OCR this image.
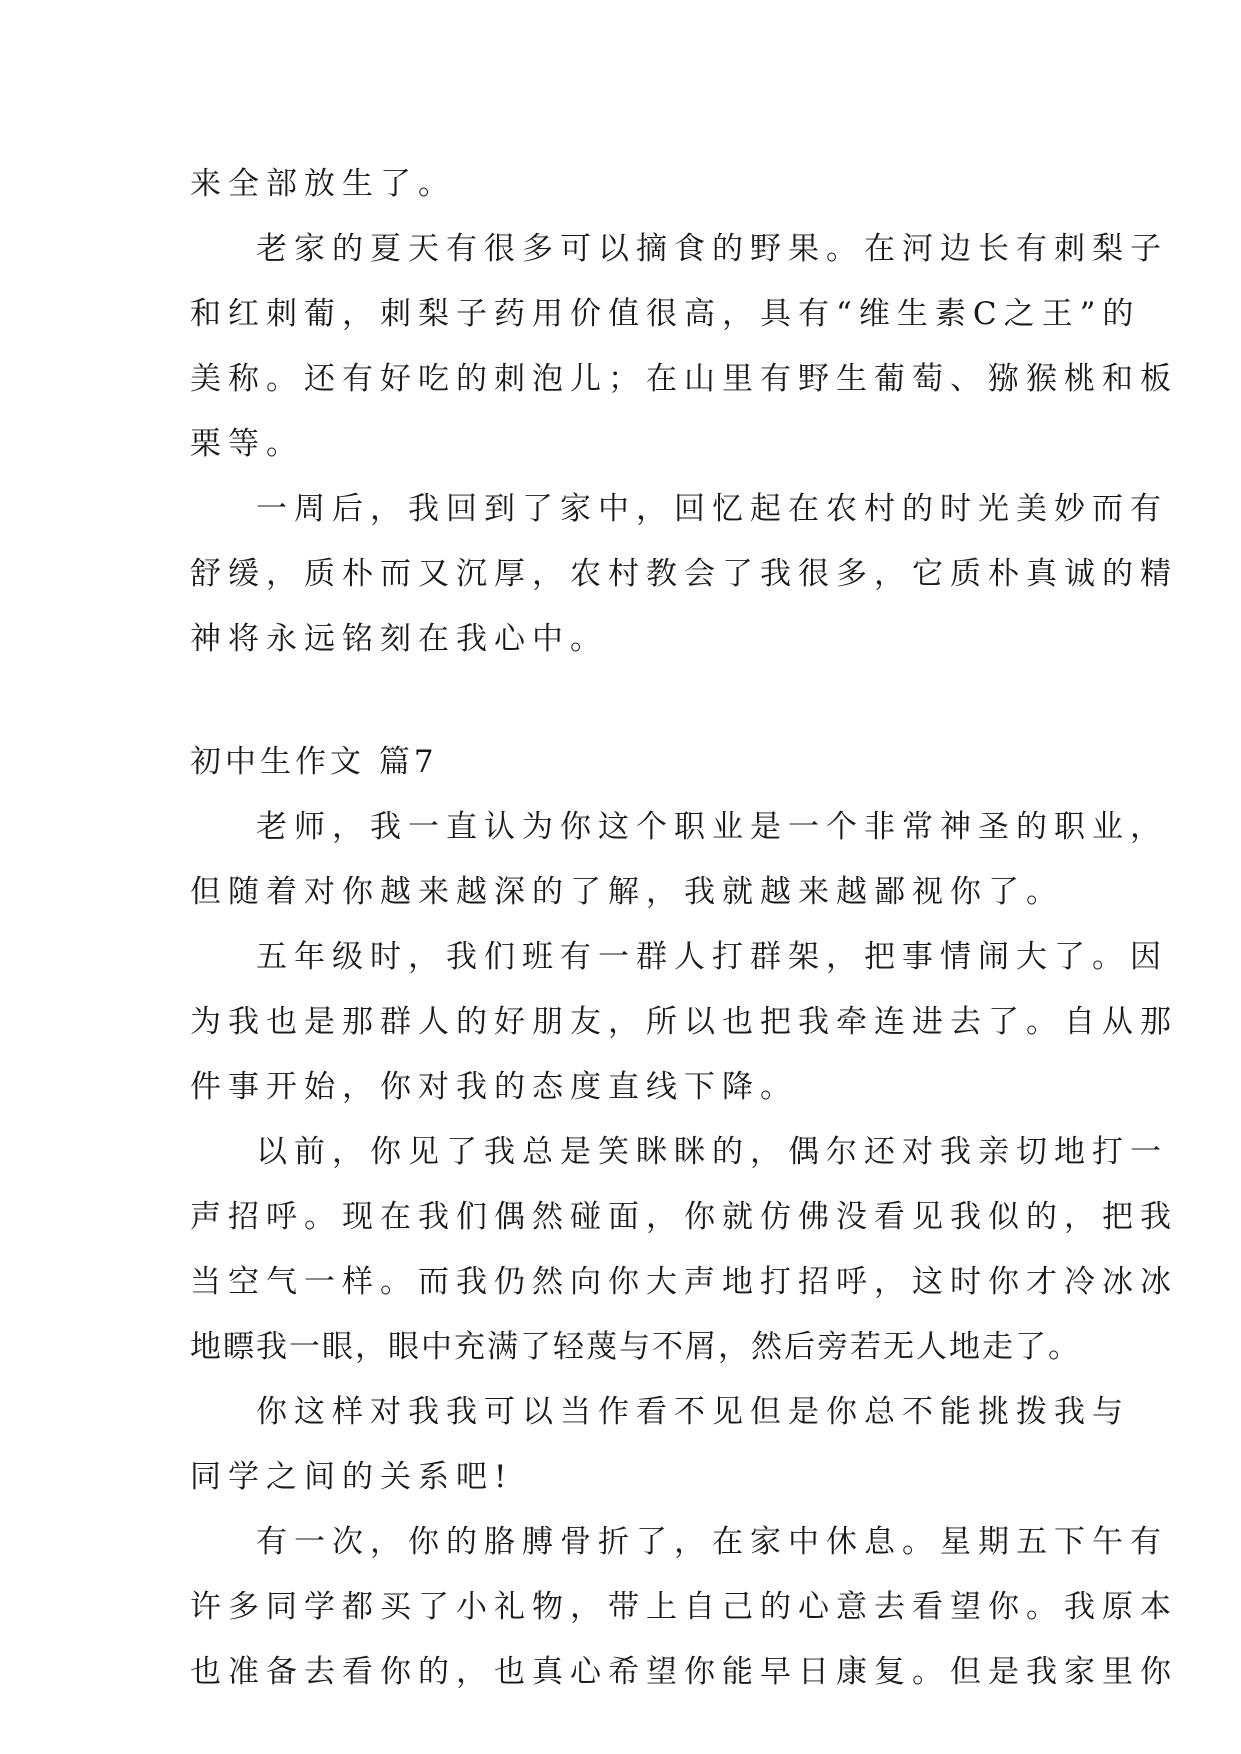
来全部放生了。
老家的夏天有很多可以摘食的野果。在河边长有刺梨子
和红刺葡，刺梨子药用价值很高，具有“维生素C之王”的
美称。还有好吃的刺泡儿；在山里有野生葡萄、猕猴桃和板
栗等。
一周后，我回到了家中，回忆起在农村的时光美妙而有
舒缓，质朴而又沉厚，农村教会了我很多，它质朴真诚的精
神将永远铭刻在我心中。
初中生作文 篇7
老师，我一直认为你这个职业是一个非常神圣的职业，
但随着对你越来越深的了解，我就越来越鄙视你了。
五年级时，我们班有一群人打群架，把事情闹大了。因
为我也是那群人的好朋友，所以也把我牵连进去了。自从那
件事开始，你对我的态度直线下降。
以前，你见了我总是笑眯眯的，偶尔还对我亲切地打一
声招呼。现在我们偶然碰面，你就仿佛没看见我似的，把我
当空气一样。而我仍然向你大声地打招呼，这时你才冷冰冰
地瞟我一眼，眼中充满了轻蔑与不屑，然后旁若无人地走了。
你这样对我我可以当作看不见但是你总不能挑拨我与
同学之间的关系吧!
有一次，你的胳膊骨折了，在家中休息。星期五下午有
许多同学都买了小礼物，带上自己的心意去看望你。我原本
也准备去看你的，也真心希望你能早日康复。但是我家里你
